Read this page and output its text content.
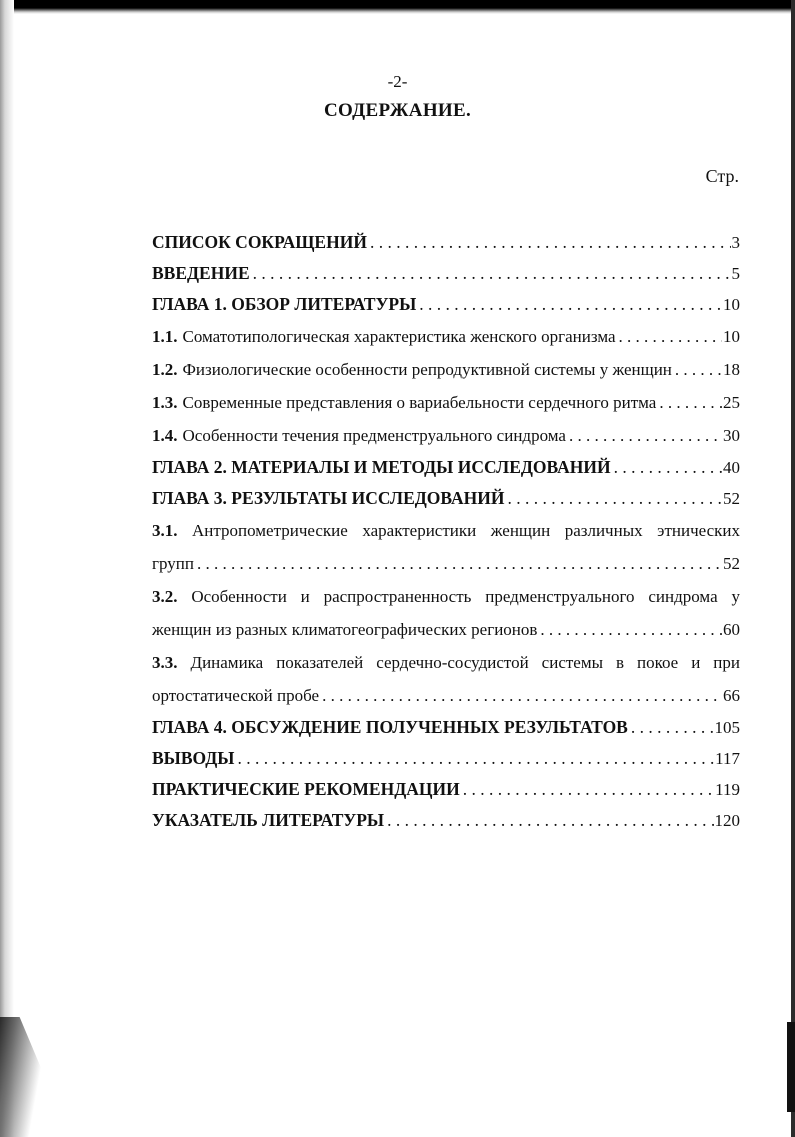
-2-
СОДЕРЖАНИЕ.
Стр.
СПИСОК СОКРАЩЕНИЙ . . .	3
ВВЕДЕНИЕ . . .	5
ГЛАВА 1. ОБЗОР ЛИТЕРАТУРЫ . . .	10
1.1. Соматотипологическая характеристика женского организма . . .	10
1.2. Физиологические особенности репродуктивной системы у женщин . . .	18
1.3. Современные представления о вариабельности сердечного ритма . . .	25
1.4. Особенности течения предменструального синдрома . . .	30
ГЛАВА 2. МАТЕРИАЛЫ И МЕТОДЫ ИССЛЕДОВАНИЙ . . .	40
ГЛАВА 3. РЕЗУЛЬТАТЫ ИССЛЕДОВАНИЙ . . .	52
3.1. Антропометрические характеристики женщин различных этнических
групп . . .	52
3.2. Особенности и распространенность предменструального синдрома у
женщин из разных климатогеографических регионов . . .	60
3.3. Динамика показателей сердечно-сосудистой системы в покое и при
ортостатической пробе . . .	66
ГЛАВА 4. ОБСУЖДЕНИЕ ПОЛУЧЕННЫХ РЕЗУЛЬТАТОВ . . .	105
ВЫВОДЫ . . .	117
ПРАКТИЧЕСКИЕ РЕКОМЕНДАЦИИ . . .	119
УКАЗАТЕЛЬ ЛИТЕРАТУРЫ . . .	120
